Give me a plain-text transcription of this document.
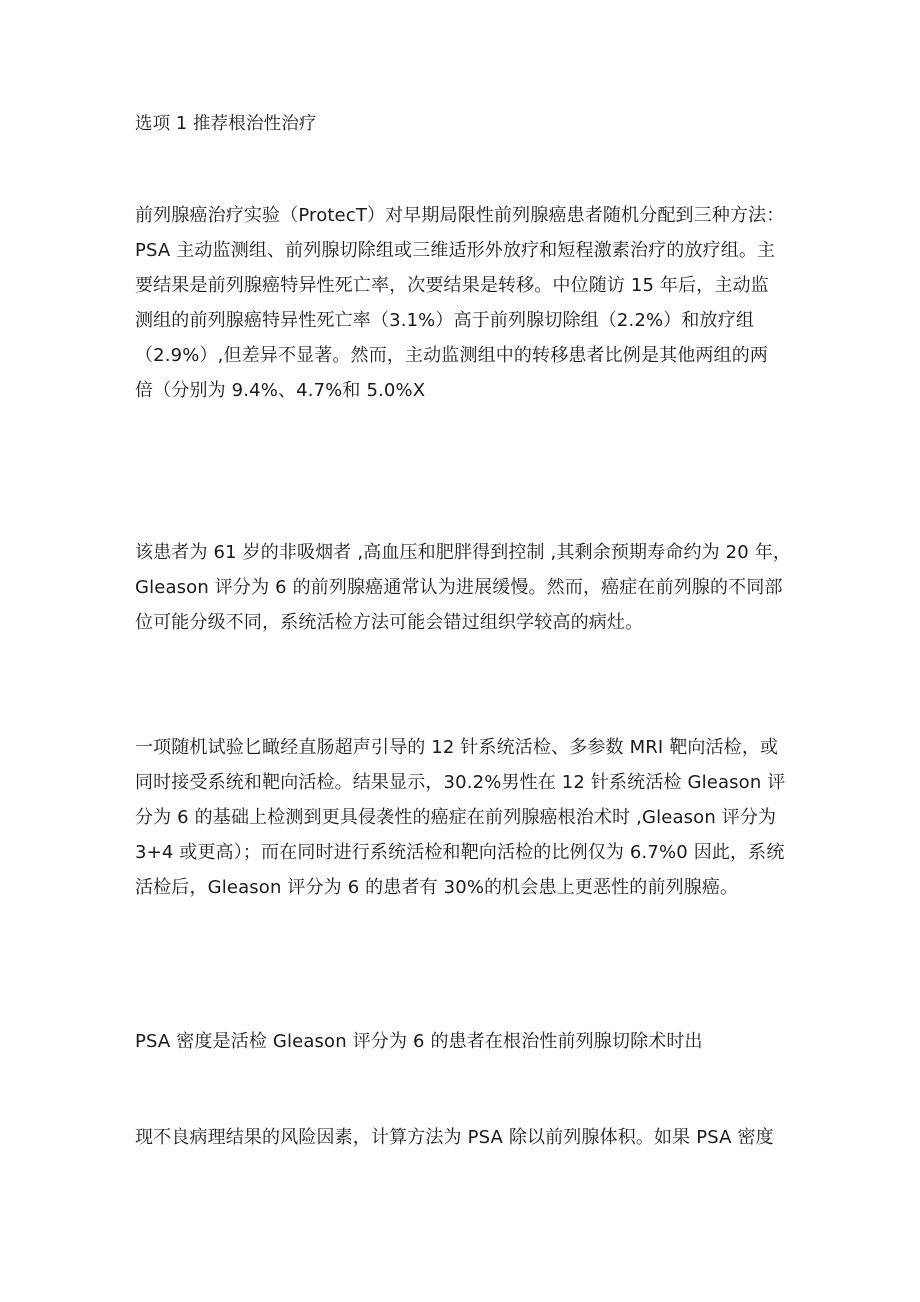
选项 1 推荐根治性治疗

前列腺癌治疗实验（ProtecT）对早期局限性前列腺癌患者随机分配到三种方法：
PSA 主动监测组、前列腺切除组或三维适形外放疗和短程激素治疗的放疗组。主
要结果是前列腺癌特异性死亡率，次要结果是转移。中位随访 15 年后，主动监
测组的前列腺癌特异性死亡率（3.1%）高于前列腺切除组（2.2%）和放疗组
（2.9%）,但差异不显著。然而，主动监测组中的转移患者比例是其他两组的两
倍（分别为 9.4%、4.7%和 5.0%X

该患者为 61 岁的非吸烟者 ,高血压和肥胖得到控制 ,其剩余预期寿命约为 20 年，
Gleason 评分为 6 的前列腺癌通常认为进展缓慢。然而，癌症在前列腺的不同部
位可能分级不同，系统活检方法可能会错过组织学较高的病灶。

一项随机试验匕瞰经直肠超声引导的 12 针系统活检、多参数 MRI 靶向活检，或
同时接受系统和靶向活检。结果显示，30.2%男性在 12 针系统活检 Gleason 评
分为 6 的基础上检测到更具侵袭性的癌症在前列腺癌根治术时 ,Gleason 评分为
3+4 或更高）；而在同时进行系统活检和靶向活检的比例仅为 6.7%0 因此，系统
活检后，Gleason 评分为 6 的患者有 30%的机会患上更恶性的前列腺癌。

PSA 密度是活检 Gleason 评分为 6 的患者在根治性前列腺切除术时出

现不良病理结果的风险因素，计算方法为 PSA 除以前列腺体积。如果 PSA 密度
